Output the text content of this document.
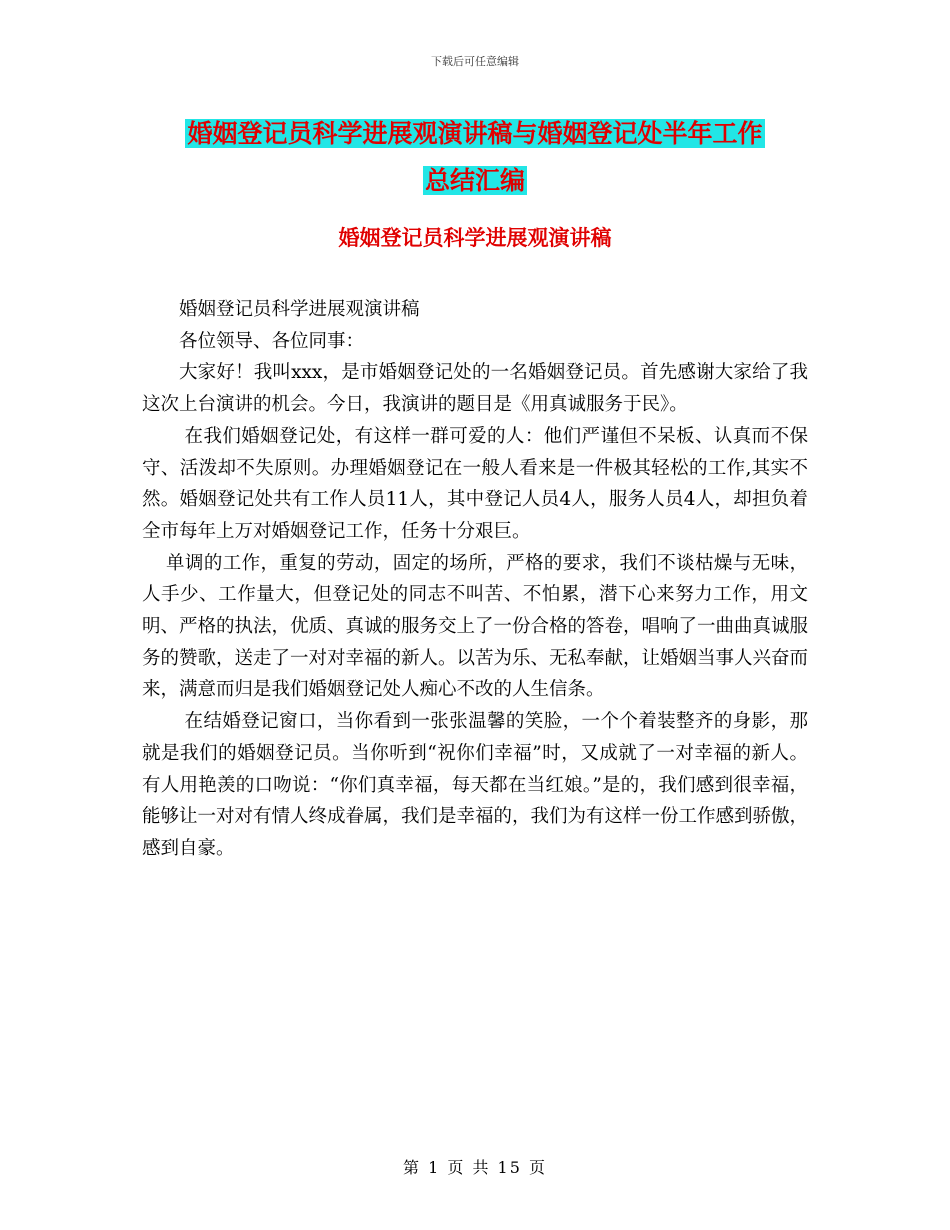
下载后可任意编辑
婚姻登记员科学进展观演讲稿与婚姻登记处半年工作
总结汇编
婚姻登记员科学进展观演讲稿

婚姻登记员科学进展观演讲稿

各位领导、各位同事：

大家好！我叫xxx，是市婚姻登记处的一名婚姻登记员。首先感谢大家给了我这次上台演讲的机会。今日，我演讲的题目是《用真诚服务于民》。

在我们婚姻登记处，有这样一群可爱的人：他们严谨但不呆板、认真而不保守、活泼却不失原则。办理婚姻登记在一般人看来是一件极其轻松的工作,其实不然。婚姻登记处共有工作人员11人，其中登记人员4人，服务人员4人，却担负着全市每年上万对婚姻登记工作，任务十分艰巨。

单调的工作，重复的劳动，固定的场所，严格的要求，我们不谈枯燥与无味，人手少、工作量大，但登记处的同志不叫苦、不怕累，潜下心来努力工作，用文明、严格的执法，优质、真诚的服务交上了一份合格的答卷，唱响了一曲曲真诚服务的赞歌，送走了一对对幸福的新人。以苦为乐、无私奉献，让婚姻当事人兴奋而来，满意而归是我们婚姻登记处人痴心不改的人生信条。

在结婚登记窗口，当你看到一张张温馨的笑脸，一个个着装整齐的身影，那就是我们的婚姻登记员。当你听到“祝你们幸福”时，又成就了一对幸福的新人。有人用艳羡的口吻说：“你们真幸福，每天都在当红娘。”是的，我们感到很幸福，能够让一对对有情人终成眷属，我们是幸福的，我们为有这样一份工作感到骄傲，感到自豪。

第 1 页 共 15 页
